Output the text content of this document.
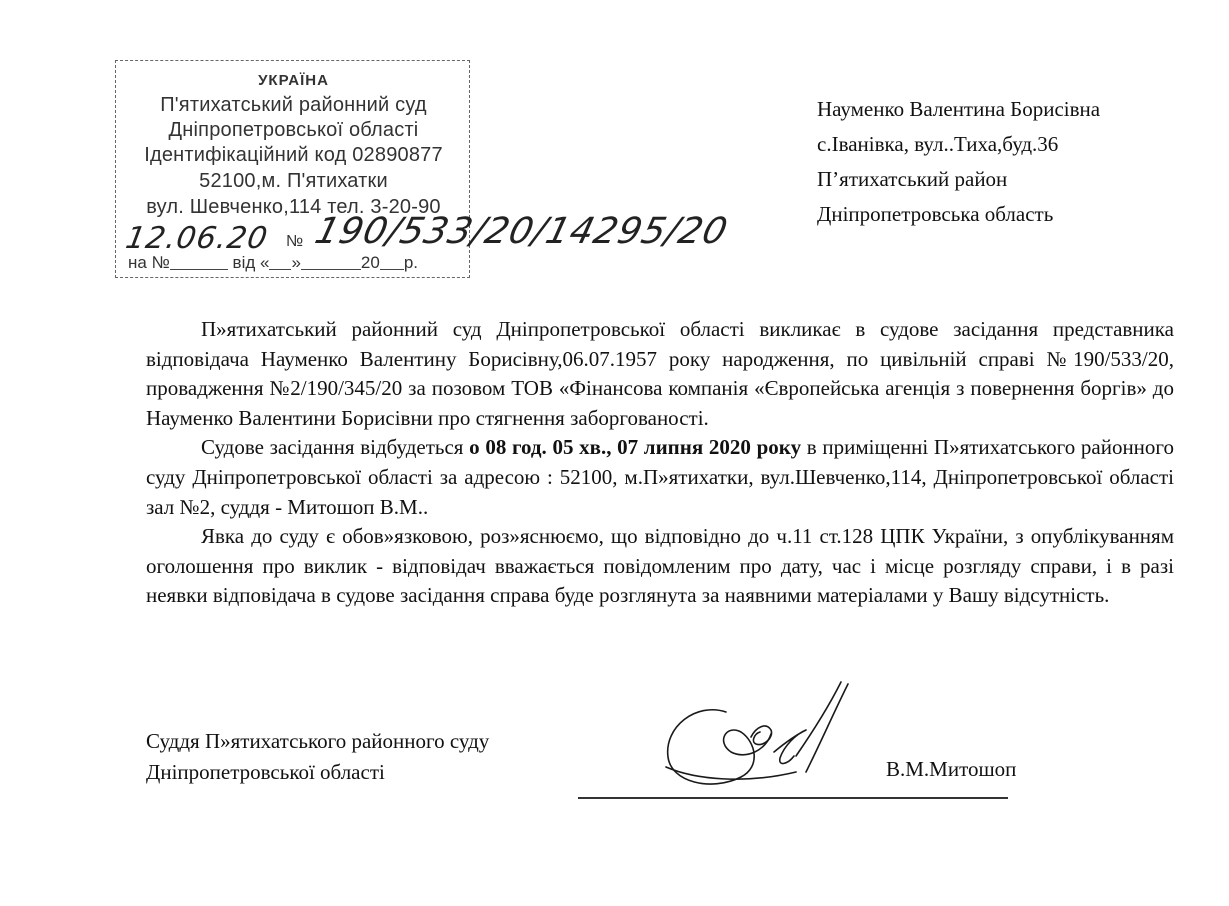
УКРАЇНА
П'ятихатський районний суд
Дніпропетровської області
Ідентифікаційний код 02890877
52100,м. П'ятихатки
вул. Шевченко,114 тел. 3-20-90
12.06.20 № 190/533/20/14295/20
на №	від « »	20 р.
Науменко Валентина Борисівна
с.Іванівка, вул..Тиха,буд.36
П’ятихатський район
Дніпропетровська область

П»ятихатський районний суд Дніпропетровської області викликає в судове засідання представника відповідача Науменко Валентину Борисівну,06.07.1957 року народження, по цивільній справі №190/533/20, провадження №2/190/345/20 за позовом ТОВ «Фінансова компанія «Європейська агенція з повернення боргів» до Науменко Валентини Борисівни про стягнення заборгованості.

Судове засідання відбудеться о 08 год. 05 хв., 07 липня 2020 року в приміщенні П»ятихатського районного суду Дніпропетровської області за адресою : 52100, м.П»ятихатки, вул.Шевченко,114, Дніпропетровської області зал №2, суддя - Митошоп В.М..

Явка до суду є обов»язковою, роз»яснюємо, що відповідно до ч.11 ст.128 ЦПК України, з опублікуванням оголошення про виклик - відповідач вважається повідомленим про дату, час і місце розгляду справи, і в разі неявки відповідача в судове засідання справа буде розглянута за наявними матеріалами у Вашу відсутність.

Суддя П»ятихатського районного суду
Дніпропетровської області	В.М.Митошоп
